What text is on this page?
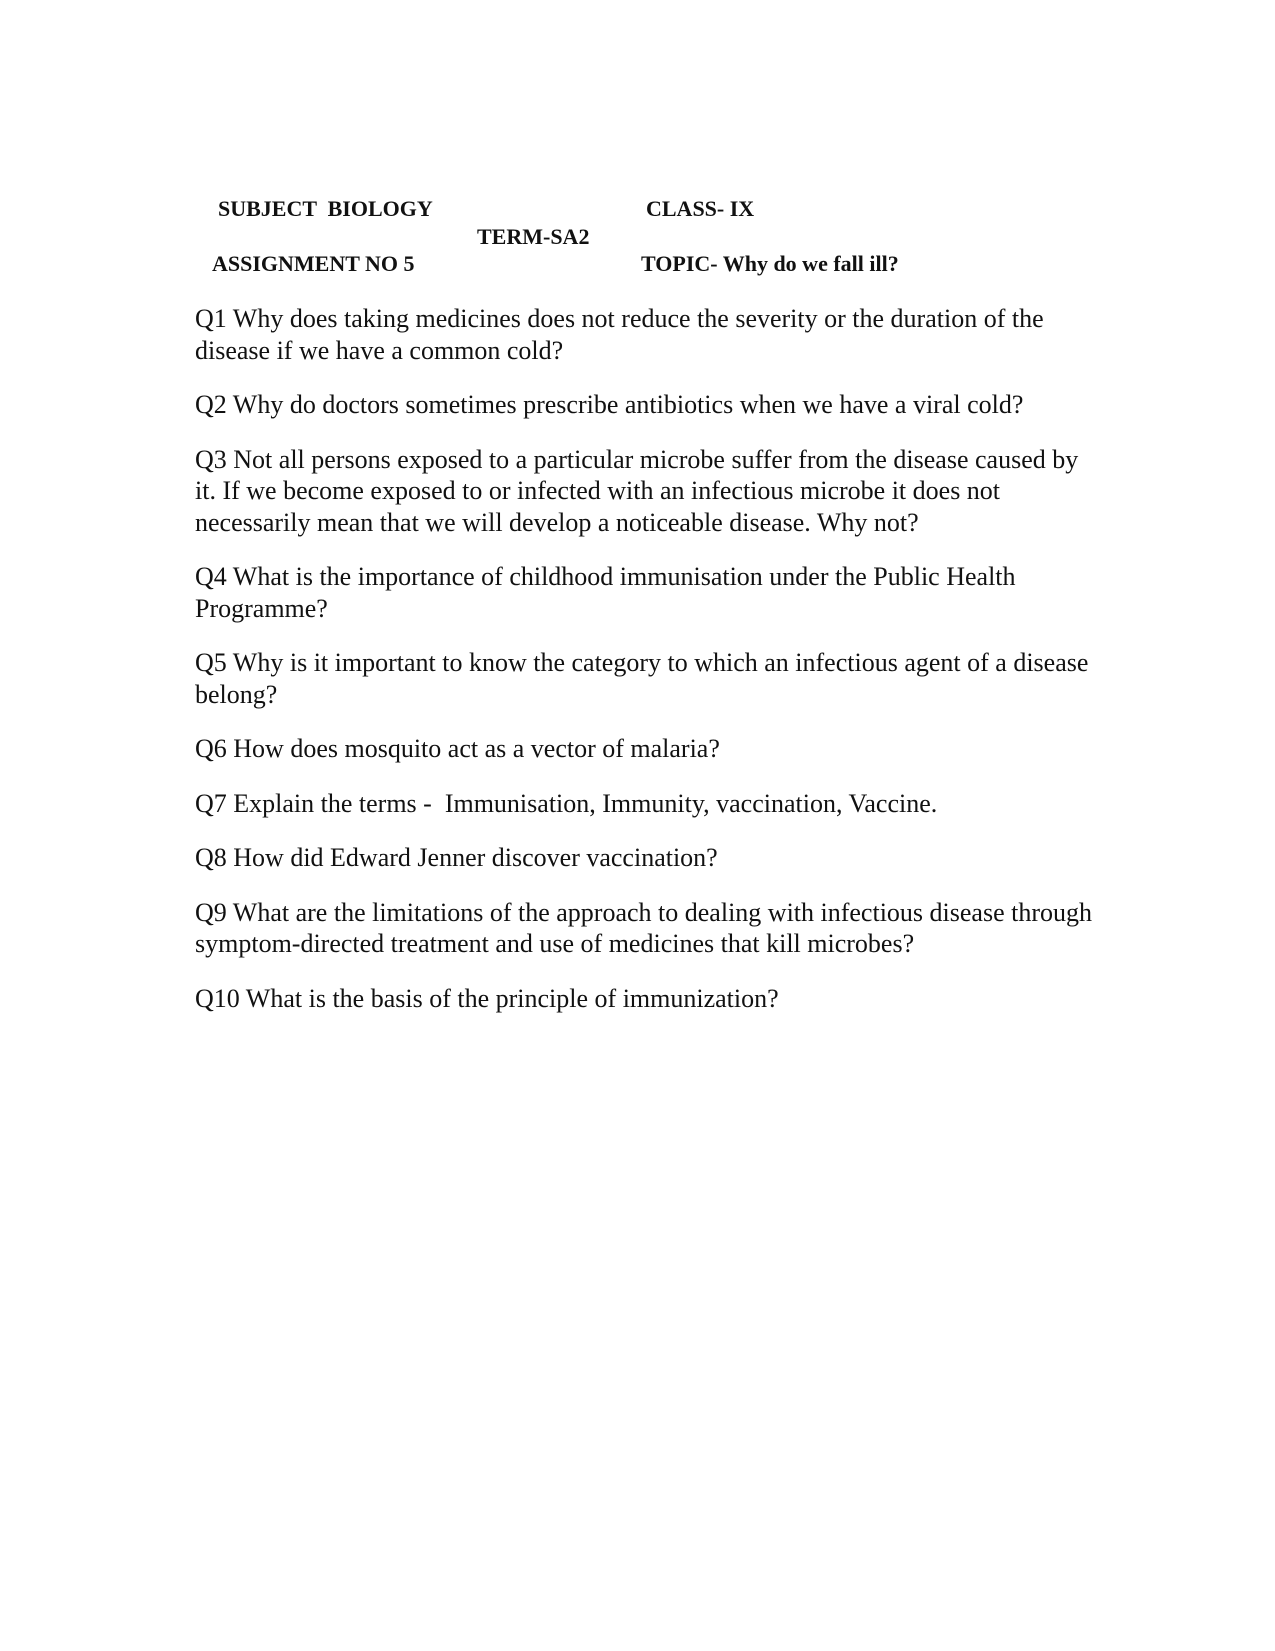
SUBJECT  BIOLOGY	CLASS- IX
TERM-SA2
ASSIGNMENT NO 5	TOPIC- Why do we fall ill?

Q1 Why does taking medicines does not reduce the severity or the duration of the disease if we have a common cold?

Q2 Why do doctors sometimes prescribe antibiotics when we have a viral cold?

Q3 Not all persons exposed to a particular microbe suffer from the disease caused by it. If we become exposed to or infected with an infectious microbe it does not necessarily mean that we will develop a noticeable disease. Why not?

Q4 What is the importance of childhood immunisation under the Public Health Programme?

Q5 Why is it important to know the category to which an infectious agent of a disease belong?

Q6 How does mosquito act as a vector of malaria?

Q7 Explain the terms -  Immunisation, Immunity, vaccination, Vaccine.

Q8 How did Edward Jenner discover vaccination?

Q9 What are the limitations of the approach to dealing with infectious disease through symptom-directed treatment and use of medicines that kill microbes?

Q10 What is the basis of the principle of immunization?
